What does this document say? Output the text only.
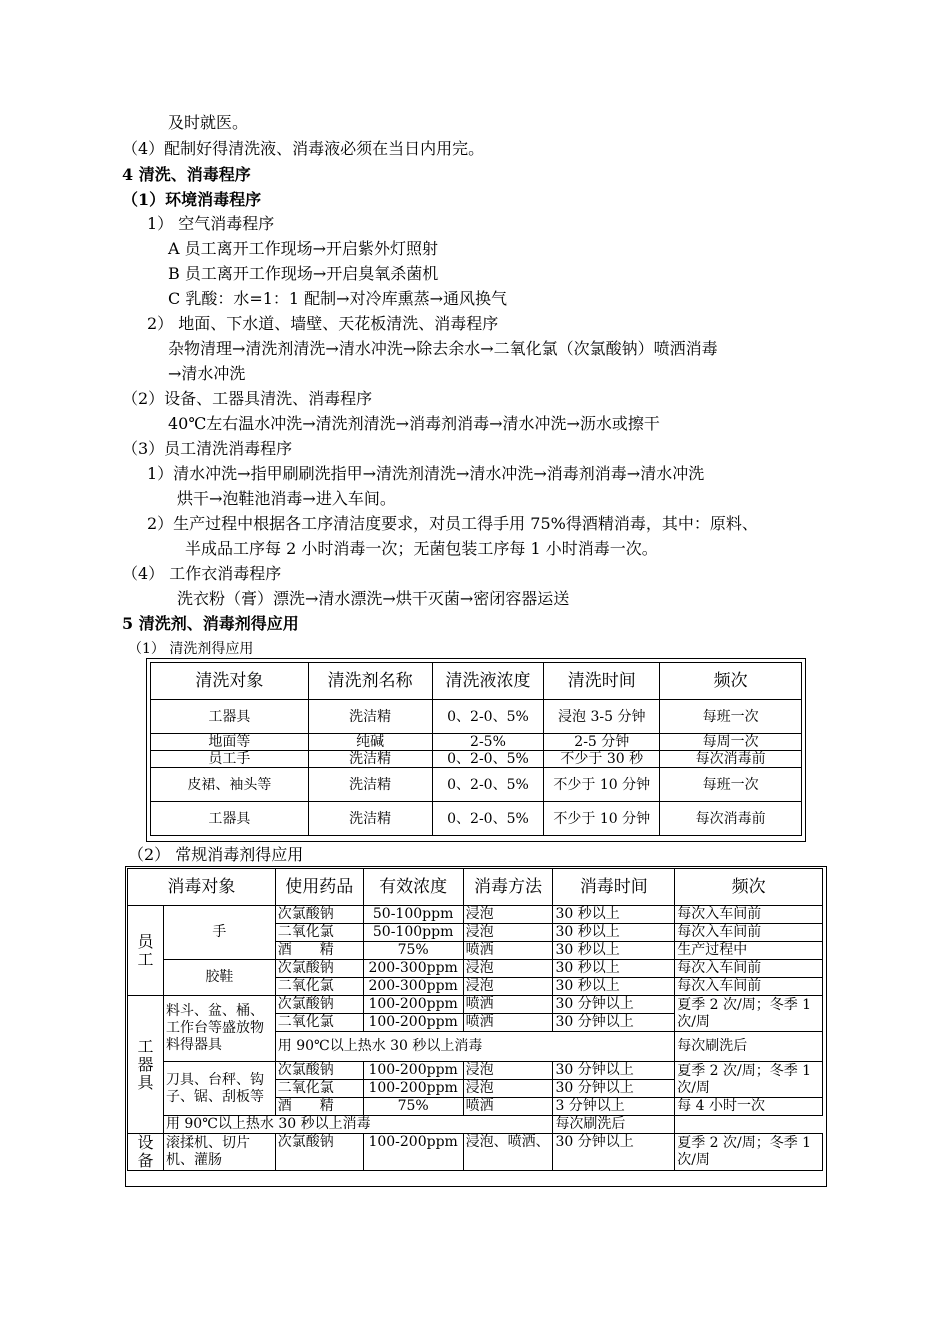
及时就医。
（4）配制好得清洗液、消毒液必须在当日内用完。
4 清洗、消毒程序
（1）环境消毒程序
1） 空气消毒程序
A 员工离开工作现场→开启紫外灯照射
B 员工离开工作现场→开启臭氧杀菌机
C 乳酸：水=1：1 配制→对冷库熏蒸→通风换气
2） 地面、下水道、墙壁、天花板清洗、消毒程序
杂物清理→清洗剂清洗→清水冲洗→除去余水→二氧化氯（次氯酸钠）喷洒消毒
→清水冲洗
（2）设备、工器具清洗、消毒程序
40℃左右温水冲洗→清洗剂清洗→消毒剂消毒→清水冲洗→沥水或擦干
（3）员工清洗消毒程序
1）清水冲洗→指甲刷刷洗指甲→清洗剂清洗→清水冲洗→消毒剂消毒→清水冲洗
烘干→泡鞋池消毒→进入车间。
2）生产过程中根据各工序清洁度要求，对员工得手用 75%得酒精消毒，其中：原料、
半成品工序每 2 小时消毒一次；无菌包装工序每 1 小时消毒一次。
（4） 工作衣消毒程序
洗衣粉（膏）漂洗→清水漂洗→烘干灭菌→密闭容器运送
5 清洗剂、消毒剂得应用
（1） 清洗剂得应用
清洗对象	清洗剂名称	清洗液浓度	清洗时间	频次
工器具	洗洁精	0、2-0、5%	浸泡 3-5 分钟	每班一次
地面等	纯碱	2-5%	2-5 分钟	每周一次
员工手	洗洁精	0、2-0、5%	不少于 30 秒	每次消毒前
皮裙、袖头等	洗洁精	0、2-0、5%	不少于 10 分钟	每班一次
工器具	洗洁精	0、2-0、5%	不少于 10 分钟	每次消毒前
（2） 常规消毒剂得应用
消毒对象		使用药品	有效浓度	消毒方法	消毒时间	频次
员工	手	次氯酸钠	50-100ppm	浸泡	30 秒以上	每次入车间前
		二氧化氯	50-100ppm	浸泡	30 秒以上	每次入车间前
		酒　　精	75%	喷洒	30 秒以上	生产过程中
	胶鞋	次氯酸钠	200-300ppm	浸泡	30 秒以上	每次入车间前
		二氧化氯	200-300ppm	浸泡	30 秒以上	每次入车间前
工器具	料斗、盆、桶、工作台等盛放物料得器具	次氯酸钠	100-200ppm	喷洒	30 分钟以上	夏季 2 次/周；冬季 1 次/周
		二氧化氯	100-200ppm	喷洒	30 分钟以上	
		用 90℃以上热水 30 秒以上消毒				每次刷洗后
	刀具、台秤、钩子、锯、刮板等	次氯酸钠	100-200ppm	浸泡	30 分钟以上	夏季 2 次/周；冬季 1 次/周
		二氧化氯	100-200ppm	浸泡	30 分钟以上	
		酒　　精	75%	喷洒	3 分钟以上	每 4 小时一次
	用 90℃以上热水 30 秒以上消毒				每次刷洗后	
设备	滚揉机、切片机、灌肠	次氯酸钠	100-200ppm	浸泡、喷洒、	30 分钟以上	夏季 2 次/周；冬季 1 次/周
